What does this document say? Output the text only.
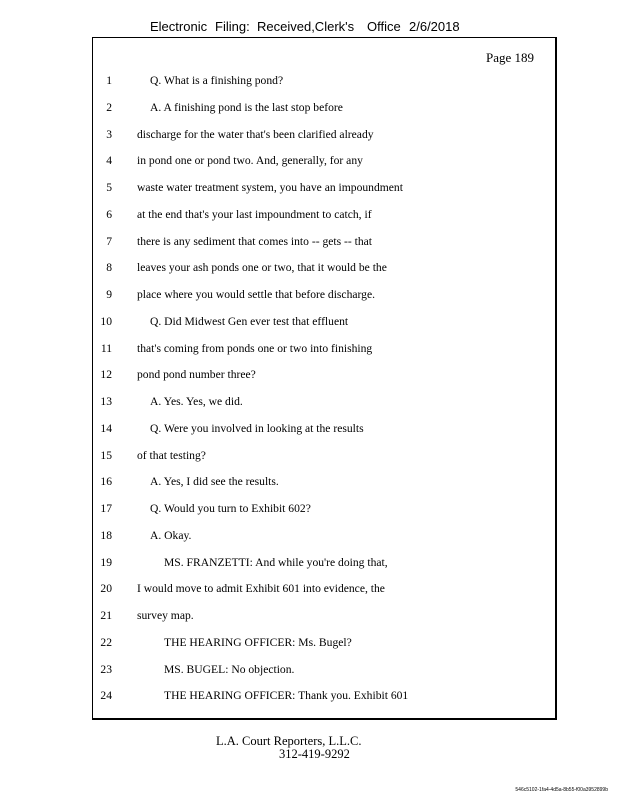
Electronic Filing: Received,Clerk's Office 2/6/2018
Page 189
1	Q. What is a finishing pond?
2	A. A finishing pond is the last stop before
3 discharge for the water that's been clarified already
4 in pond one or pond two. And, generally, for any
5 waste water treatment system, you have an impoundment
6 at the end that's your last impoundment to catch, if
7 there is any sediment that comes into -- gets -- that
8 leaves your ash ponds one or two, that it would be the
9 place where you would settle that before discharge.
10	Q. Did Midwest Gen ever test that effluent
11 that's coming from ponds one or two into finishing
12 pond pond number three?
13	A. Yes. Yes, we did.
14	Q. Were you involved in looking at the results
15 of that testing?
16	A. Yes, I did see the results.
17	Q. Would you turn to Exhibit 602?
18	A. Okay.
19	MS. FRANZETTI: And while you're doing that,
20 I would move to admit Exhibit 601 into evidence, the
21 survey map.
22	THE HEARING OFFICER: Ms. Bugel?
23	MS. BUGEL: No objection.
24	THE HEARING OFFICER: Thank you. Exhibit 601
L.A. Court Reporters, L.L.C.
312-419-9292
546c5102-1fa4-4d5a-8b55-f00a3952899b
